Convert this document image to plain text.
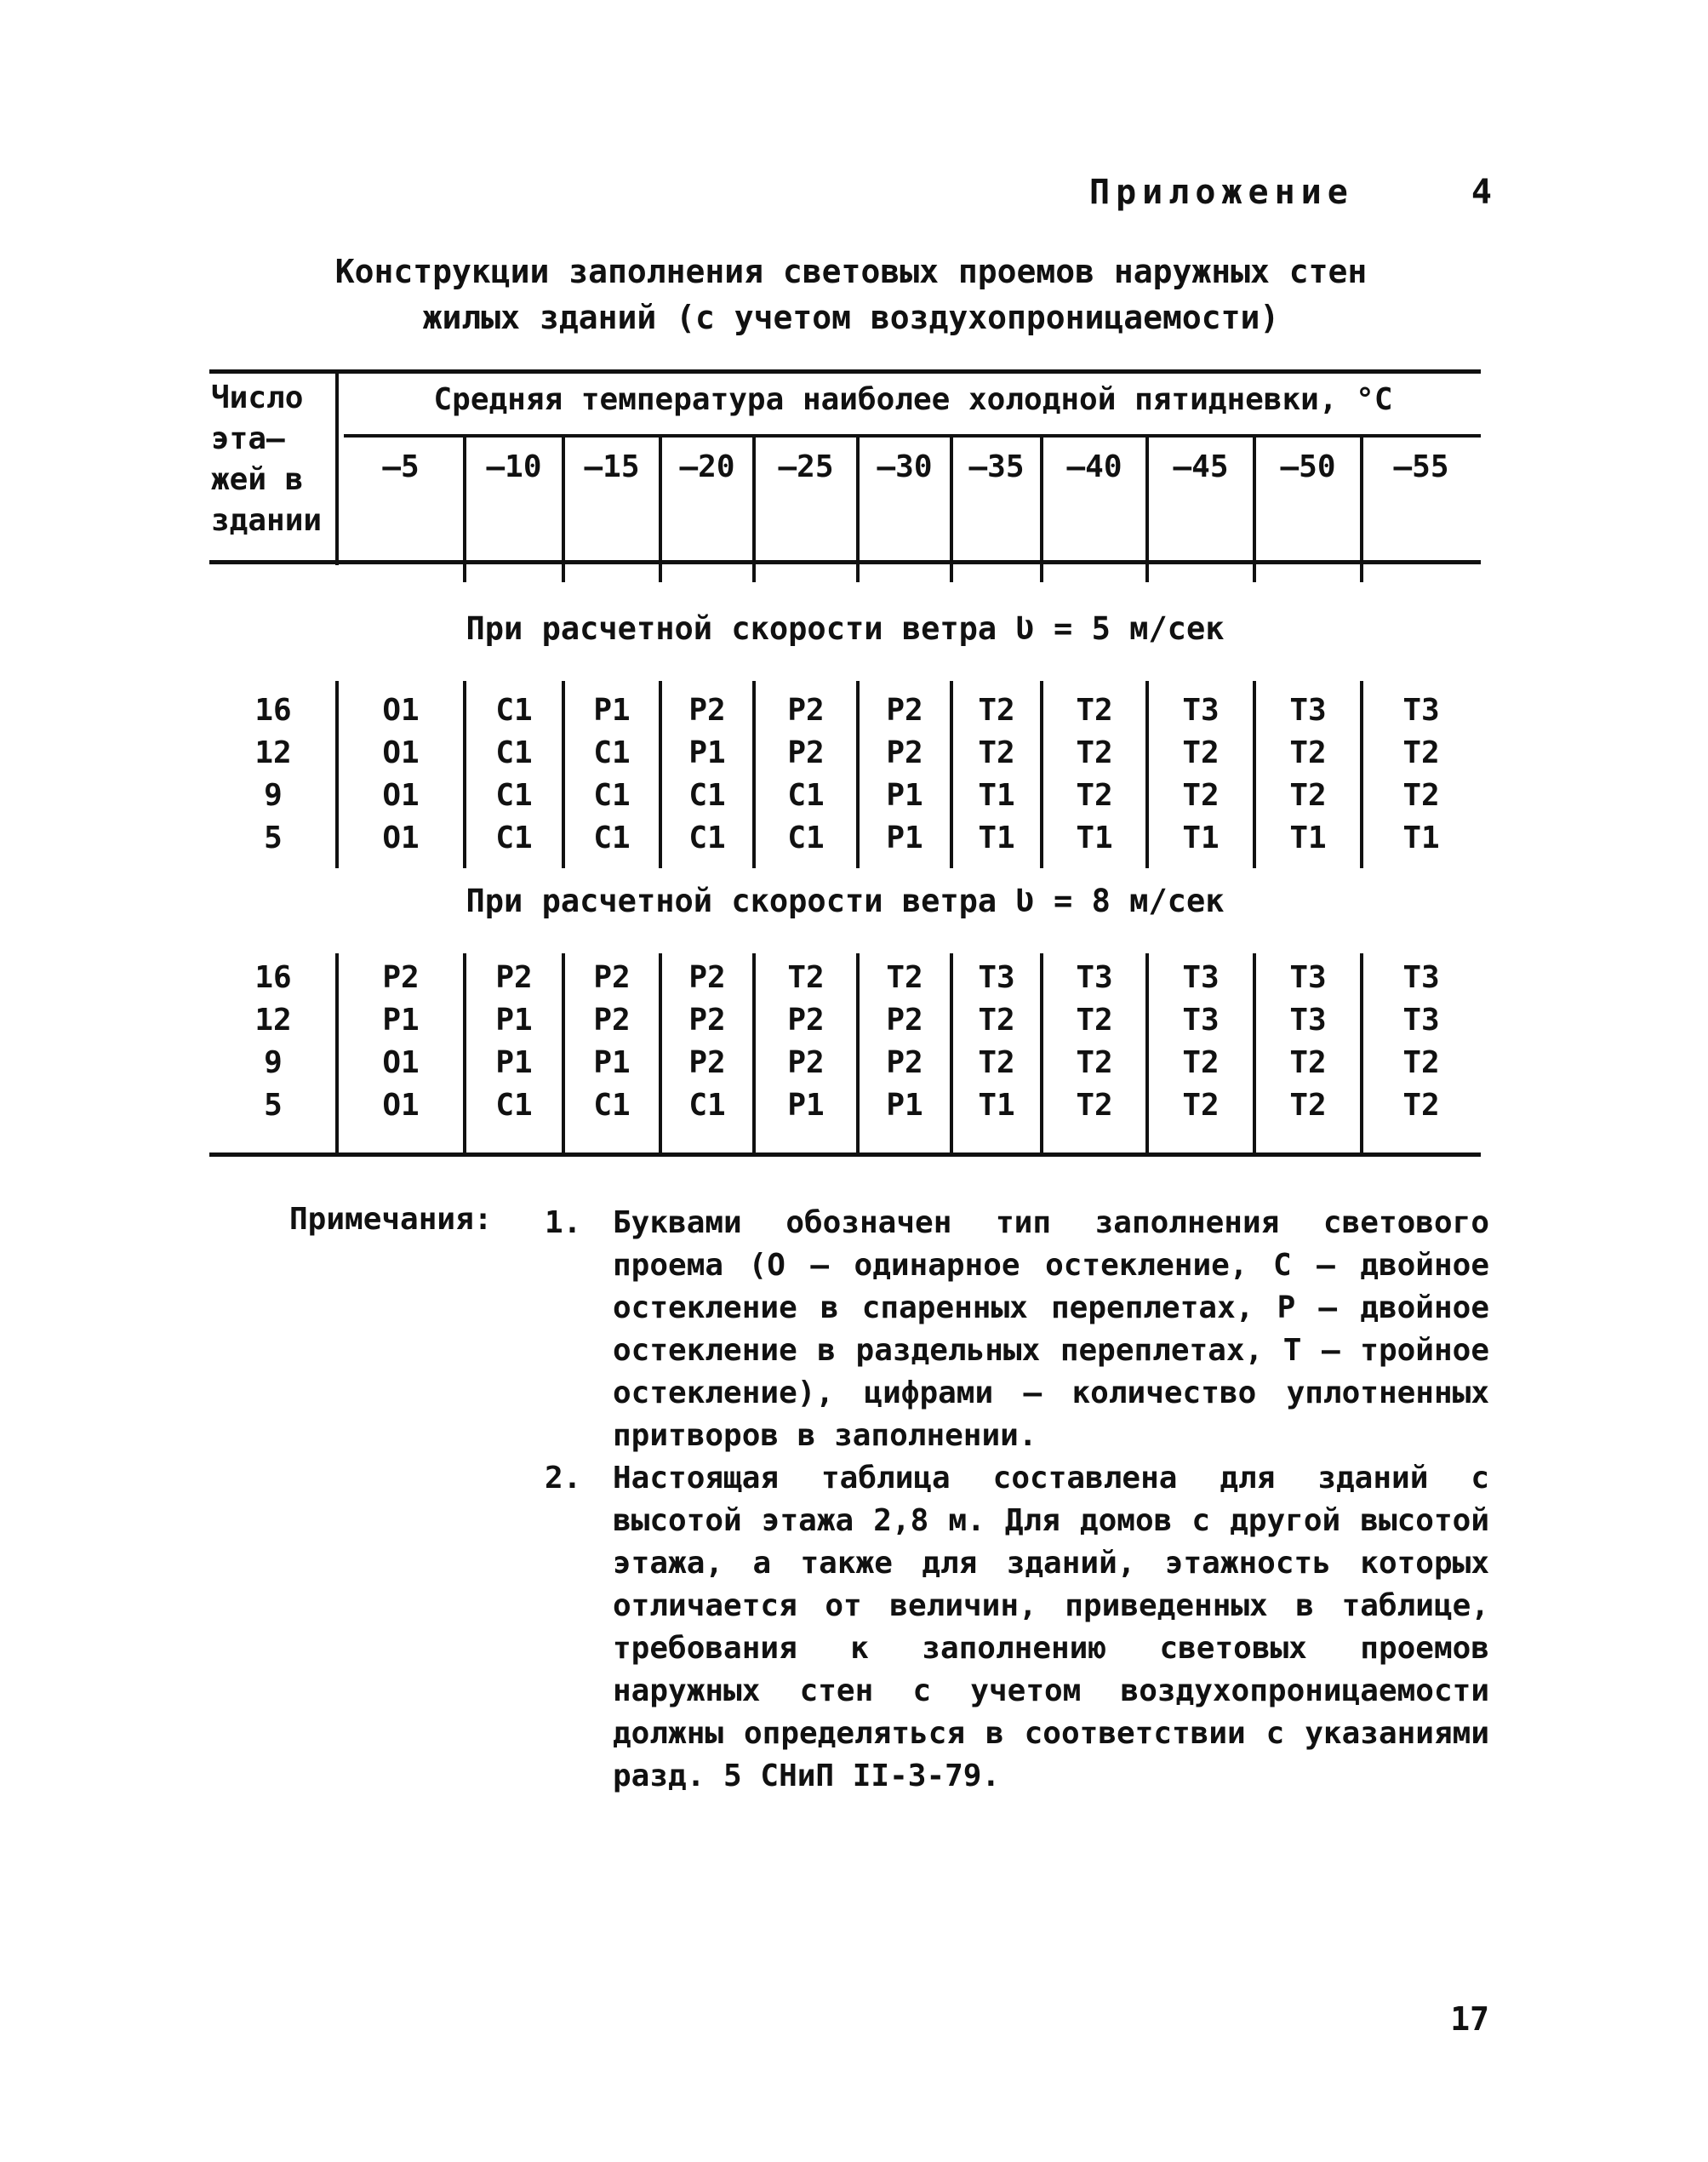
Приложение	4
Конструкции заполнения световых проемов наружных стен
жилых зданий (с учетом воздухопроницаемости)
Число
эта–
жей в
здании
Средняя температура наиболее холодной пятидневки, °С
–5	–10	–15	–20	–25	–30	–35	–40	–45	–50	–55
При расчетной скорости ветра Ʋ = 5 м/сек
16	O1	C1	P1	P2	P2	P2	T2	T2	T3	T3	T3
12	O1	C1	C1	P1	P2	P2	T2	T2	T2	T2	T2
9	O1	C1	C1	C1	C1	P1	T1	T2	T2	T2	T2
5	O1	C1	C1	C1	C1	P1	T1	T1	T1	T1	T1
При расчетной скорости ветра Ʋ = 8 м/сек
16	P2	P2	P2	P2	T2	T2	T3	T3	T3	T3	T3
12	P1	P1	P2	P2	P2	P2	T2	T2	T3	T3	T3
9	O1	P1	P1	P2	P2	P2	T2	T2	T2	T2	T2
5	O1	C1	C1	C1	P1	P1	T1	T2	T2	T2	T2
Примечания: 1.	Буквами обозначен тип заполнения светового проема (О – одинарное остекление, С – двойное остекление в спаренных переплетах, Р – двойное остекление в раздельных переплетах, Т – тройное остекление), цифрами – количество уплотненных притворов в заполнении.
2.	Настоящая таблица составлена для зданий с высотой этажа 2,8 м. Для домов с другой высотой этажа, а также для зданий, этажность которых отличается от величин, приведенных в таблице, требования к заполнению световых проемов наружных стен с учетом воздухопроницаемости должны определяться в соответствии с указаниями разд. 5 СНиП II-3-79.
17
